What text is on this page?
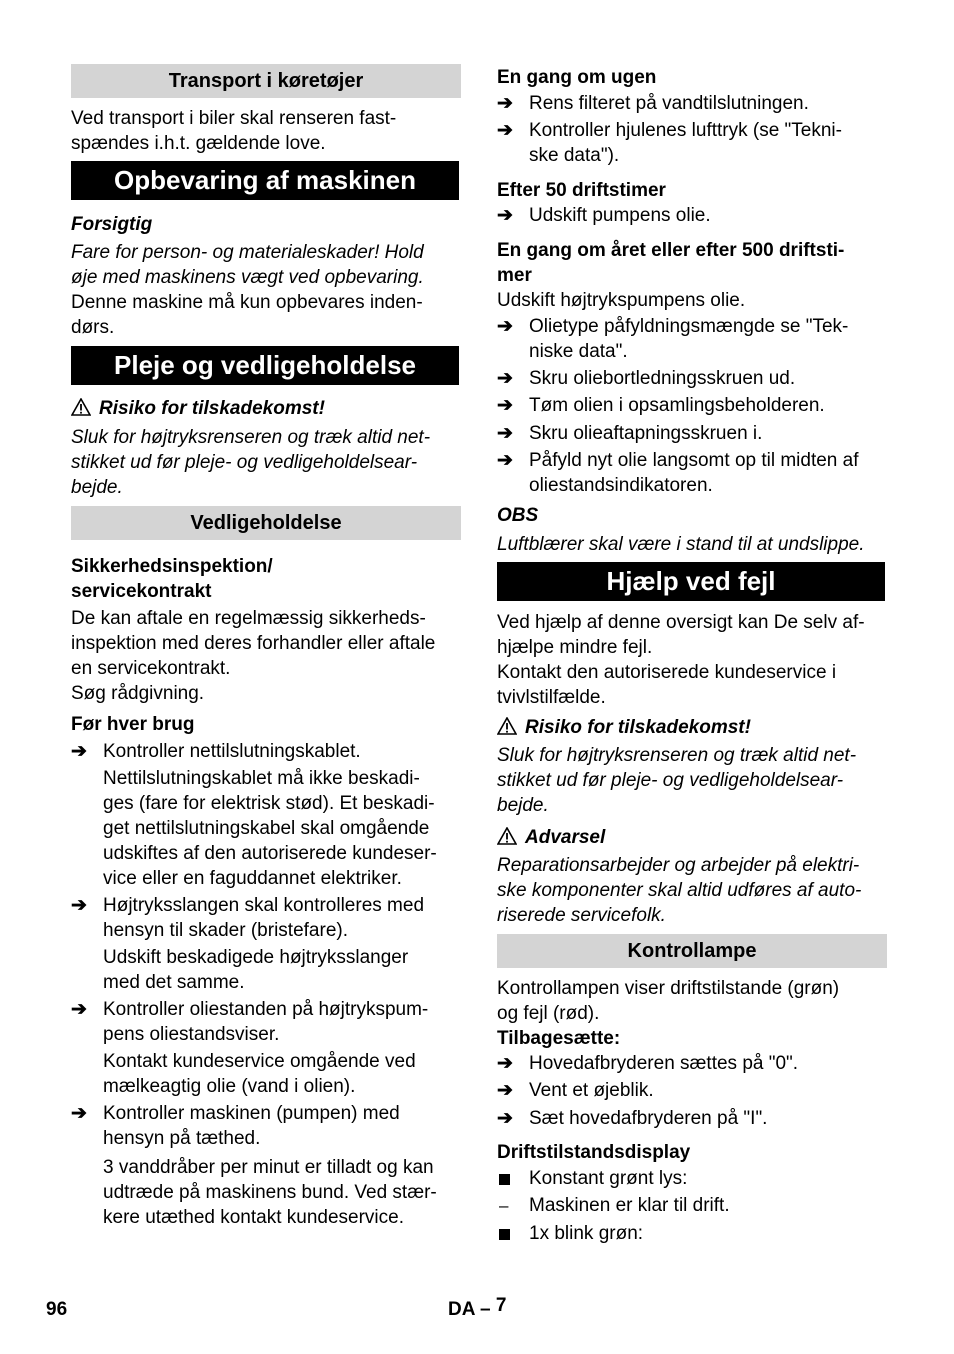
Transport i køretøjer
Ved transport i biler skal renseren fast-
spændes i.h.t. gældende love.
Opbevaring af maskinen
Forsigtig
Fare for person- og materialeskader! Hold
øje med maskinens vægt ved opbevaring.
Denne maskine må kun opbevares inden-
dørs.
Pleje og vedligeholdelse
Risiko for tilskadekomst!
Sluk for højtryksrenseren og træk altid net-
stikket ud før pleje- og vedligeholdelsear-
bejde.
Vedligeholdelse
Sikkerhedsinspektion/
servicekontrakt
De kan aftale en regelmæssig sikkerheds-
inspektion med deres forhandler eller aftale
en servicekontrakt.
Søg rådgivning.
Før hver brug
➔ Kontroller nettilslutningskablet.
Nettilslutningskablet må ikke beskadi-
ges (fare for elektrisk stød). Et beskadi-
get nettilslutningskabel skal omgående
udskiftes af den autoriserede kundeser-
vice eller en faguddannet elektriker.
➔ Højtryksslangen skal kontrolleres med
hensyn til skader (bristefare).
Udskift beskadigede højtryksslanger
med det samme.
➔ Kontroller oliestanden på højtrykspum-
pens oliestandsviser.
Kontakt kundeservice omgående ved
mælkeagtig olie (vand i olien).
➔ Kontroller maskinen (pumpen) med
hensyn på tæthed.
3 vanddråber per minut er tilladt og kan
udtræde på maskinens bund. Ved stær-
kere utæthed kontakt kundeservice.
En gang om ugen
➔ Rens filteret på vandtilslutningen.
➔ Kontroller hjulenes lufttryk (se "Tekni-
ske data").
Efter 50 driftstimer
➔ Udskift pumpens olie.
En gang om året eller efter 500 driftsti-
mer
Udskift højtrykspumpens olie.
➔ Olietype påfyldningsmængde se "Tek-
niske data".
➔ Skru oliebortledningsskruen ud.
➔ Tøm olien i opsamlingsbeholderen.
➔ Skru olieaftapningsskruen i.
➔ Påfyld nyt olie langsomt op til midten af
oliestandsindikatoren.
OBS
Luftblærer skal være i stand til at undslippe.
Hjælp ved fejl
Ved hjælp af denne oversigt kan De selv af-
hjælpe mindre fejl.
Kontakt den autoriserede kundeservice i
tvivlstilfælde.
Risiko for tilskadekomst!
Sluk for højtryksrenseren og træk altid net-
stikket ud før pleje- og vedligeholdelsear-
bejde.
Advarsel
Reparationsarbejder og arbejder på elektri-
ske komponenter skal altid udføres af auto-
riserede servicefolk.
Kontrollampe
Kontrollampen viser driftstilstande (grøn)
og fejl (rød).
Tilbagesætte:
➔ Hovedafbryderen sættes på "0".
➔ Vent et øjeblik.
➔ Sæt hovedafbryderen på "I".
Driftstilstandsdisplay
Konstant grønt lys:
– Maskinen er klar til drift.
1x blink grøn:
96	DA – 7
